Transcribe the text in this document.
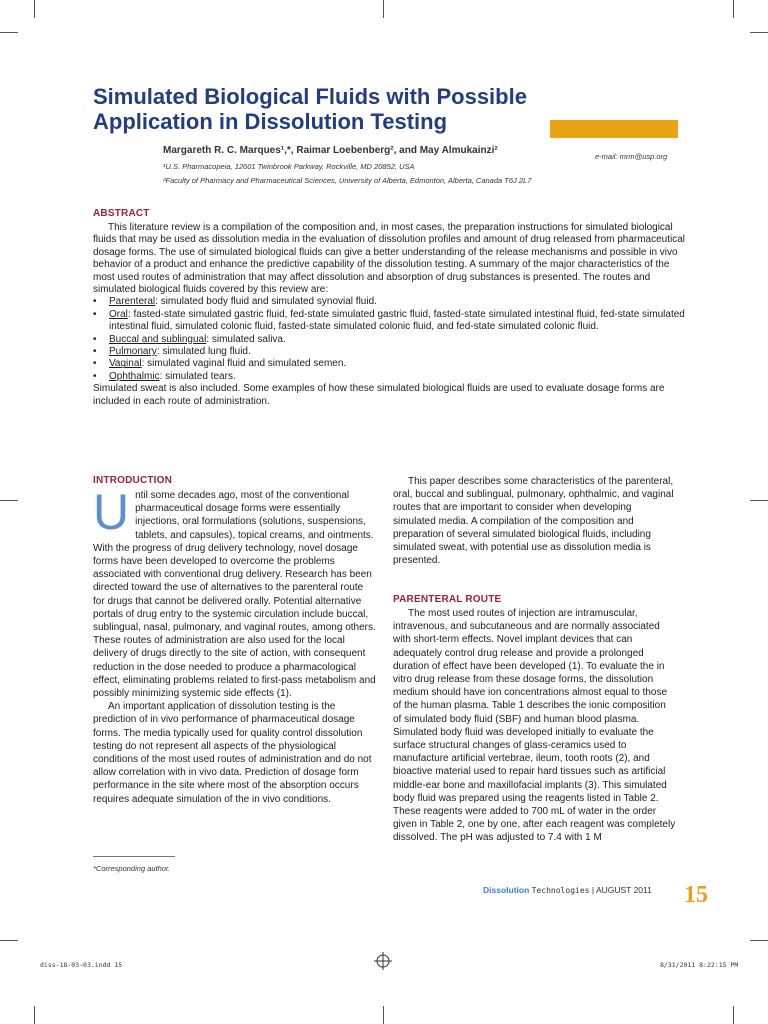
Simulated Biological Fluids with Possible Application in Dissolution Testing
Margareth R. C. Marques¹,*, Raimar Loebenberg², and May Almukainzi²
¹U.S. Pharmacopeia, 12601 Twinbrook Parkway, Rockville, MD 20852, USA
²Faculty of Pharmacy and Pharmaceutical Sciences, University of Alberta, Edmonton, Alberta, Canada T6J 2L7
e-mail: mrm@usp.org
ABSTRACT

This literature review is a compilation of the composition and, in most cases, the preparation instructions for simulated biological fluids that may be used as dissolution media in the evaluation of dissolution profiles and amount of drug released from pharmaceutical dosage forms. The use of simulated biological fluids can give a better understanding of the release mechanisms and possible in vivo behavior of a product and enhance the predictive capability of the dissolution testing. A summary of the major characteristics of the most used routes of administration that may affect dissolution and absorption of drug substances is presented. The routes and simulated biological fluids covered by this review are:

• Parenteral: simulated body fluid and simulated synovial fluid.
• Oral: fasted-state simulated gastric fluid, fed-state simulated gastric fluid, fasted-state simulated intestinal fluid, fed-state simulated intestinal fluid, simulated colonic fluid, fasted-state simulated colonic fluid, and fed-state simulated colonic fluid.
• Buccal and sublingual: simulated saliva.
• Pulmonary: simulated lung fluid.
• Vaginal: simulated vaginal fluid and simulated semen.
• Ophthalmic: simulated tears.

Simulated sweat is also included. Some examples of how these simulated biological fluids are used to evaluate dosage forms are included in each route of administration.

INTRODUCTION

Until some decades ago, most of the conventional pharmaceutical dosage forms were essentially injections, oral formulations (solutions, suspensions, tablets, and capsules), topical creams, and ointments. With the progress of drug delivery technology, novel dosage forms have been developed to overcome the problems associated with conventional drug delivery. Research has been directed toward the use of alternatives to the parenteral route for drugs that cannot be delivered orally. Potential alternative portals of drug entry to the systemic circulation include buccal, sublingual, nasal, pulmonary, and vaginal routes, among others. These routes of administration are also used for the local delivery of drugs directly to the site of action, with consequent reduction in the dose needed to produce a pharmacological effect, eliminating problems related to first-pass metabolism and possibly minimizing systemic side effects (1).

An important application of dissolution testing is the prediction of in vivo performance of pharmaceutical dosage forms. The media typically used for quality control dissolution testing do not represent all aspects of the physiological conditions of the most used routes of administration and do not allow correlation with in vivo data. Prediction of dosage form performance in the site where most of the absorption occurs requires adequate simulation of the in vivo conditions.

This paper describes some characteristics of the parenteral, oral, buccal and sublingual, pulmonary, ophthalmic, and vaginal routes that are important to consider when developing simulated media. A compilation of the composition and preparation of several simulated biological fluids, including simulated sweat, with potential use as dissolution media is presented.

PARENTERAL ROUTE

The most used routes of injection are intramuscular, intravenous, and subcutaneous and are normally associated with short-term effects. Novel implant devices that can adequately control drug release and provide a prolonged duration of effect have been developed (1). To evaluate the in vitro drug release from these dosage forms, the dissolution medium should have ion concentrations almost equal to those of the human plasma. Table 1 describes the ionic composition of simulated body fluid (SBF) and human blood plasma. Simulated body fluid was developed initially to evaluate the surface structural changes of glass-ceramics used to manufacture artificial vertebrae, ileum, tooth roots (2), and bioactive material used to repair hard tissues such as artificial middle-ear bone and maxillofacial implants (3). This simulated body fluid was prepared using the reagents listed in Table 2. These reagents were added to 700 mL of water in the order given in Table 2, one by one, after each reagent was completely dissolved. The pH was adjusted to 7.4 with 1 M

*Corresponding author.
Dissolution Technologies | AUGUST 2011 15
diss-18-03-03.indd 15	8/31/2011 8:22:15 PM
